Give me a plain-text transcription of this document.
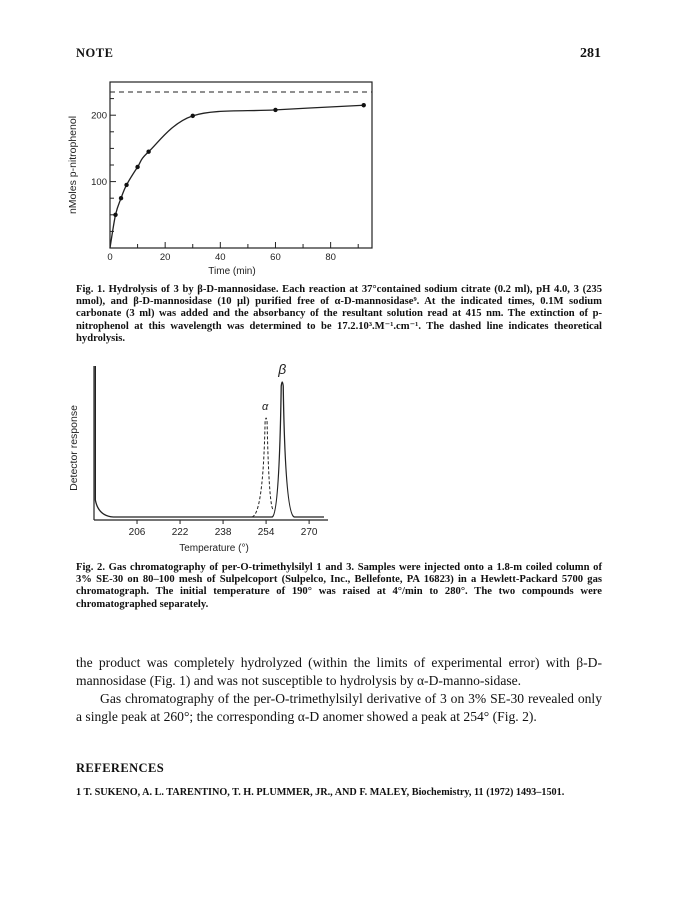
NOTE	281
0	20	40	60	80
100
200
nMoles p-nitrophenol
Time (min)
Fig. 1. Hydrolysis of 3 by β-D-mannosidase. Each reaction at 37°contained sodium citrate (0.2 ml), pH 4.0, 3 (235 nmol), and β-D-mannosidase (10 µl) purified free of α-D-mannosidase⁹. At the indicated times, 0.1M sodium carbonate (3 ml) was added and the absorbancy of the resultant solution read at 415 nm. The extinction of p-nitrophenol at this wavelength was determined to be 17.2.10³.M⁻¹.cm⁻¹. The dashed line indicates theoretical hydrolysis.
206	222	238	254	270
α
β
Detector response
Temperature (°)
Fig. 2. Gas chromatography of per-O-trimethylsilyl 1 and 3. Samples were injected onto a 1.8-m coiled column of 3% SE-30 on 80–100 mesh of Sulpelcoport (Sulpelco, Inc., Bellefonte, PA 16823) in a Hewlett-Packard 5700 gas chromatograph. The initial temperature of 190° was raised at 4°/min to 280°. The two compounds were chromatographed separately.
the product was completely hydrolyzed (within the limits of experimental error) with β-D-mannosidase (Fig. 1) and was not susceptible to hydrolysis by α-D-manno-sidase.
Gas chromatography of the per-O-trimethylsilyl derivative of 3 on 3% SE-30 revealed only a single peak at 260°; the corresponding α-D anomer showed a peak at 254° (Fig. 2).
REFERENCES
1 T. SUKENO, A. L. TARENTINO, T. H. PLUMMER, JR., AND F. MALEY, Biochemistry, 11 (1972) 1493–1501.
